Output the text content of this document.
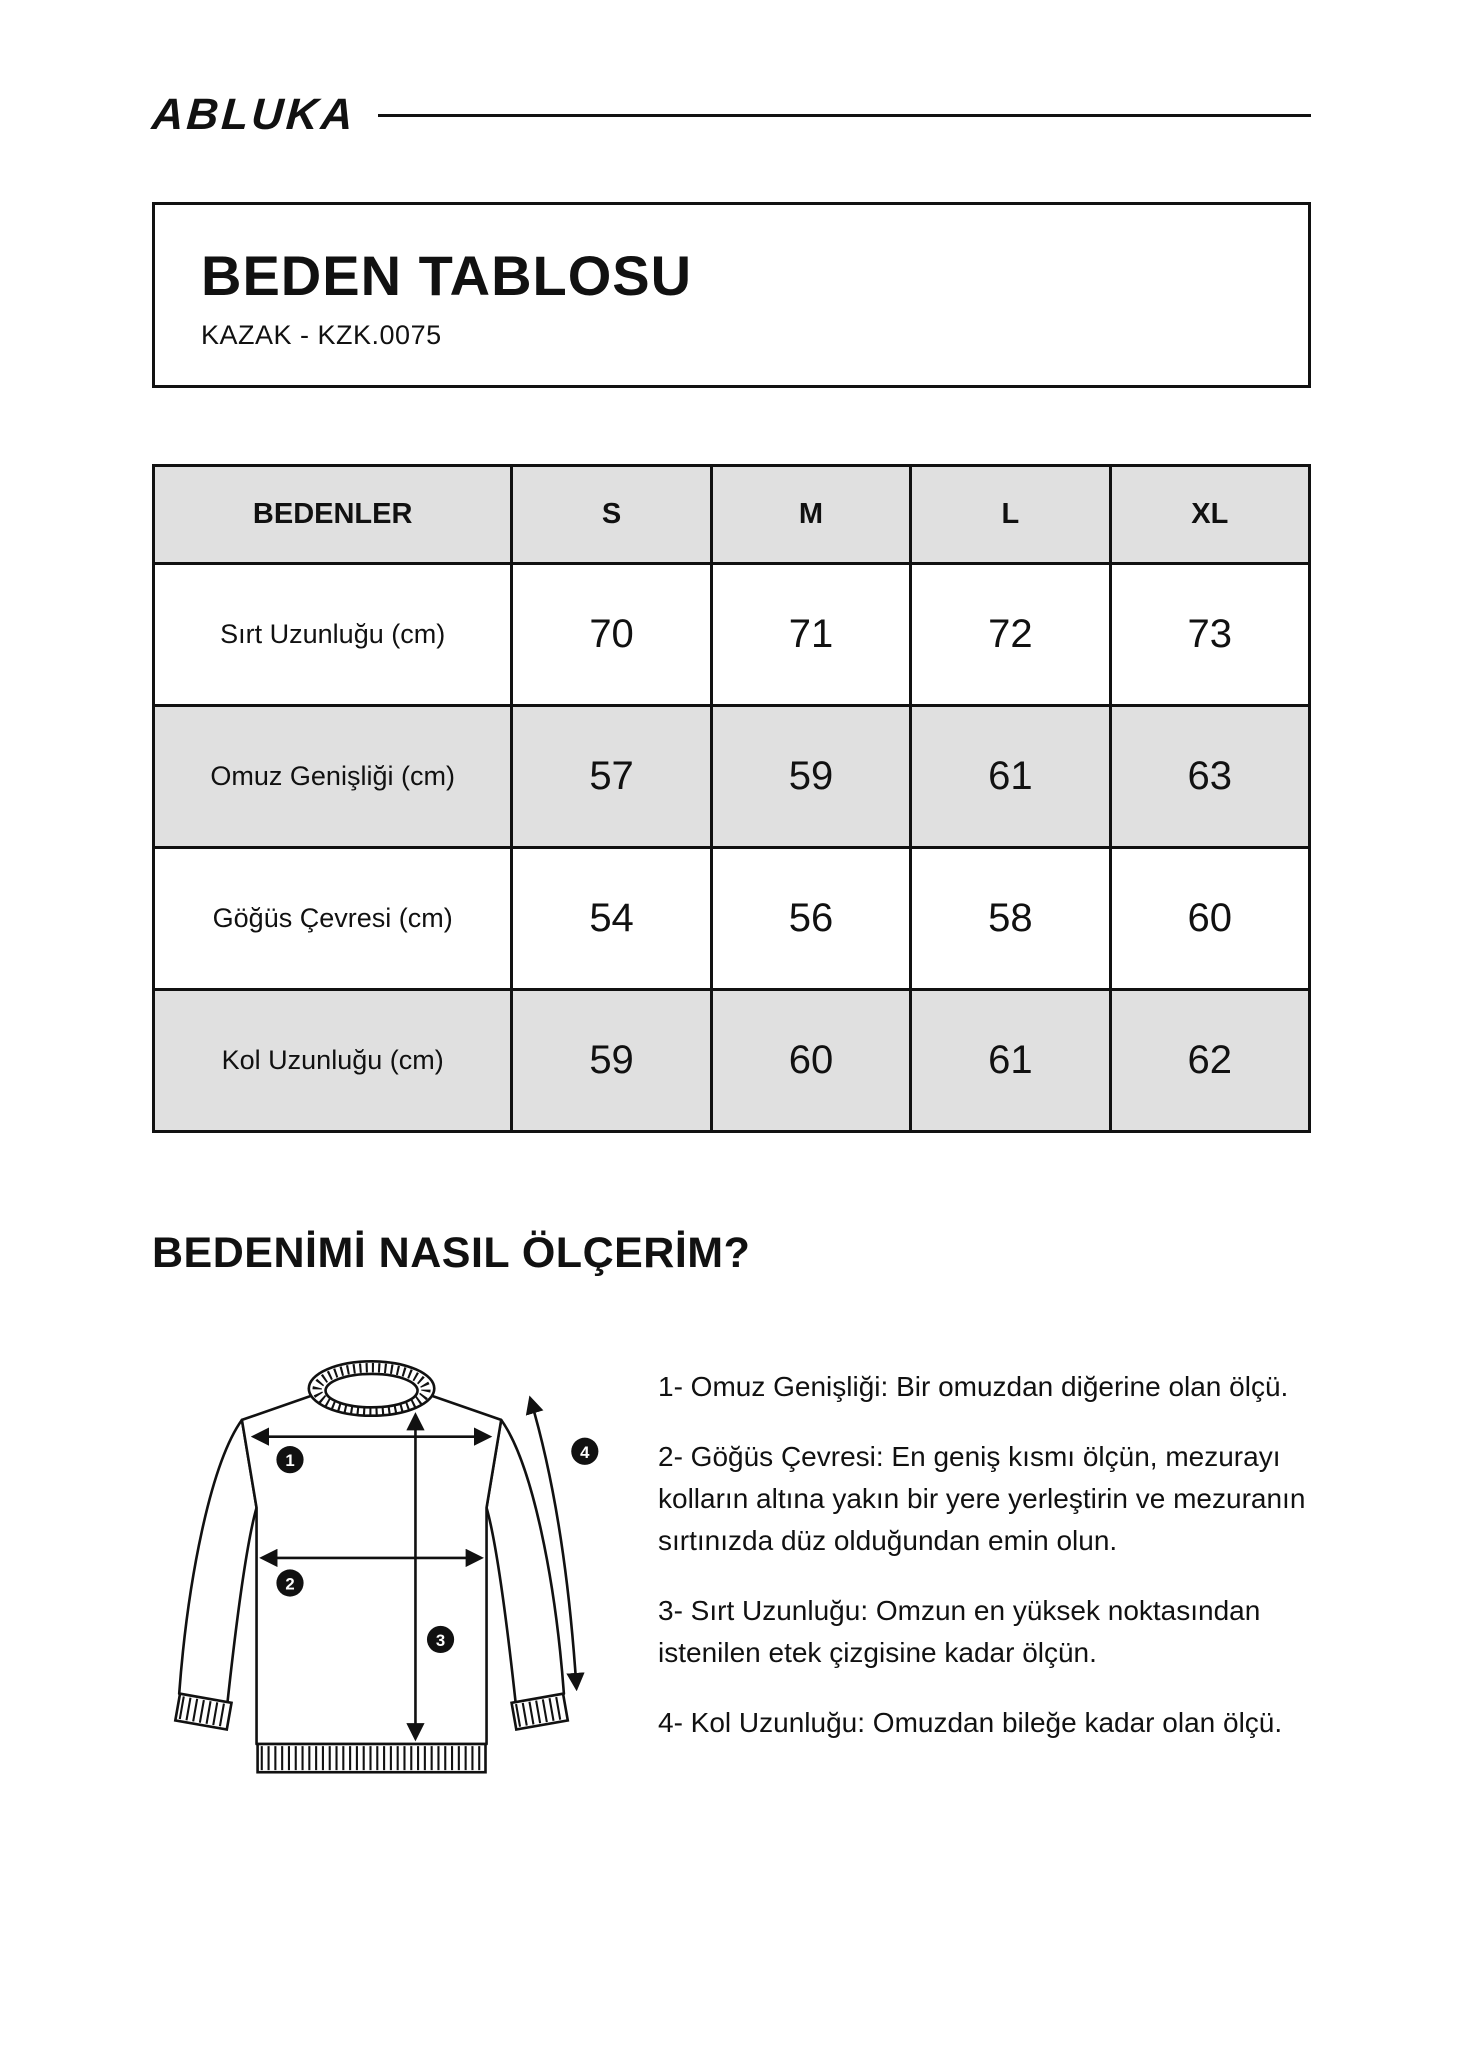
ABLUKA
BEDEN TABLOSU
KAZAK - KZK.0075
BEDENLER	S	M	L	XL
Sırt Uzunluğu (cm)	70	71	72	73
Omuz Genişliği (cm)	57	59	61	63
Göğüs Çevresi (cm)	54	56	58	60
Kol Uzunluğu (cm)	59	60	61	62
BEDENİMİ NASIL ÖLÇERİM?
1
2
3
4

1- Omuz Genişliği: Bir omuzdan diğerine olan ölçü.

2- Göğüs Çevresi: En geniş kısmı ölçün, mezurayı kolların altına yakın bir yere yerleştirin ve mezuranın sırtınızda düz olduğundan emin olun.

3- Sırt Uzunluğu: Omzun en yüksek noktasından istenilen etek çizgisine kadar ölçün.

4- Kol Uzunluğu: Omuzdan bileğe kadar olan ölçü.
